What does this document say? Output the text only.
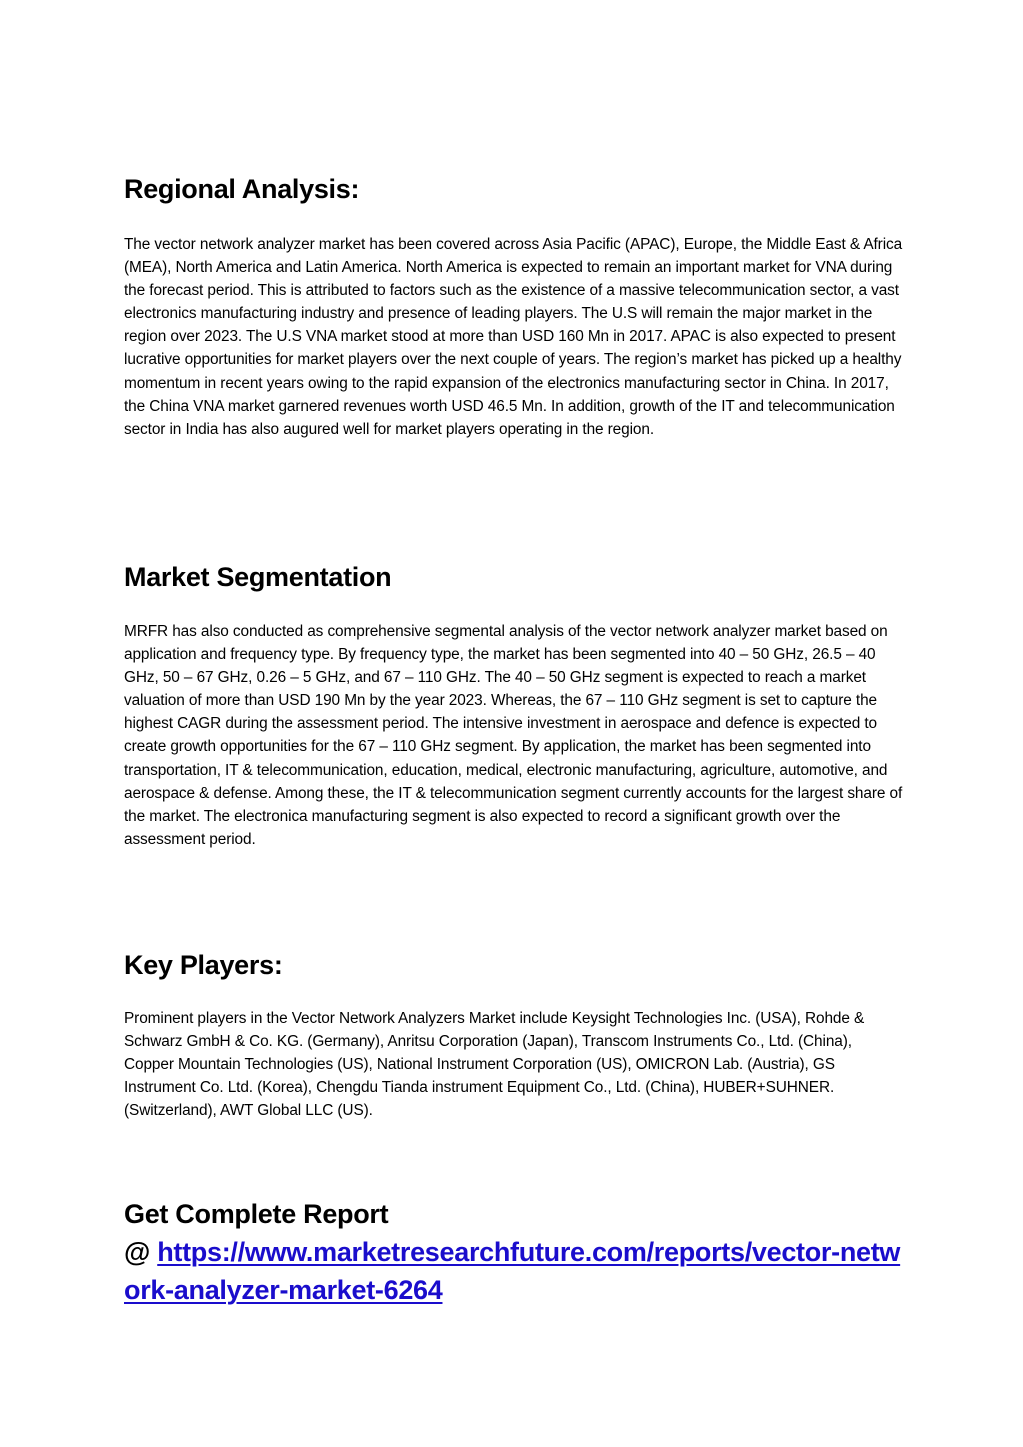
Regional Analysis:

The vector network analyzer market has been covered across Asia Pacific (APAC), Europe, the Middle East & Africa (MEA), North America and Latin America. North America is expected to remain an important market for VNA during the forecast period. This is attributed to factors such as the existence of a massive telecommunication sector, a vast electronics manufacturing industry and presence of leading players. The U.S will remain the major market in the region over 2023. The U.S VNA market stood at more than USD 160 Mn in 2017. APAC is also expected to present lucrative opportunities for market players over the next couple of years. The region’s market has picked up a healthy momentum in recent years owing to the rapid expansion of the electronics manufacturing sector in China. In 2017, the China VNA market garnered revenues worth USD 46.5 Mn. In addition, growth of the IT and telecommunication sector in India has also augured well for market players operating in the region.

Market Segmentation

MRFR has also conducted as comprehensive segmental analysis of the vector network analyzer market based on application and frequency type. By frequency type, the market has been segmented into 40 – 50 GHz, 26.5 – 40 GHz, 50 – 67 GHz, 0.26 – 5 GHz, and 67 – 110 GHz. The 40 – 50 GHz segment is expected to reach a market valuation of more than USD 190 Mn by the year 2023. Whereas, the 67 – 110 GHz segment is set to capture the highest CAGR during the assessment period. The intensive investment in aerospace and defence is expected to create growth opportunities for the 67 – 110 GHz segment. By application, the market has been segmented into transportation, IT & telecommunication, education, medical, electronic manufacturing, agriculture, automotive, and aerospace & defense. Among these, the IT & telecommunication segment currently accounts for the largest share of the market. The electronica manufacturing segment is also expected to record a significant growth over the assessment period.

Key Players:

Prominent players in the Vector Network Analyzers Market include Keysight Technologies Inc. (USA), Rohde & Schwarz GmbH & Co. KG. (Germany), Anritsu Corporation (Japan), Transcom Instruments Co., Ltd. (China), Copper Mountain Technologies (US), National Instrument Corporation (US), OMICRON Lab. (Austria), GS Instrument Co. Ltd. (Korea), Chengdu Tianda instrument Equipment Co., Ltd. (China), HUBER+SUHNER. (Switzerland), AWT Global LLC (US).

Get Complete Report
@ https://www.marketresearchfuture.com/reports/vector-network-analyzer-market-6264
